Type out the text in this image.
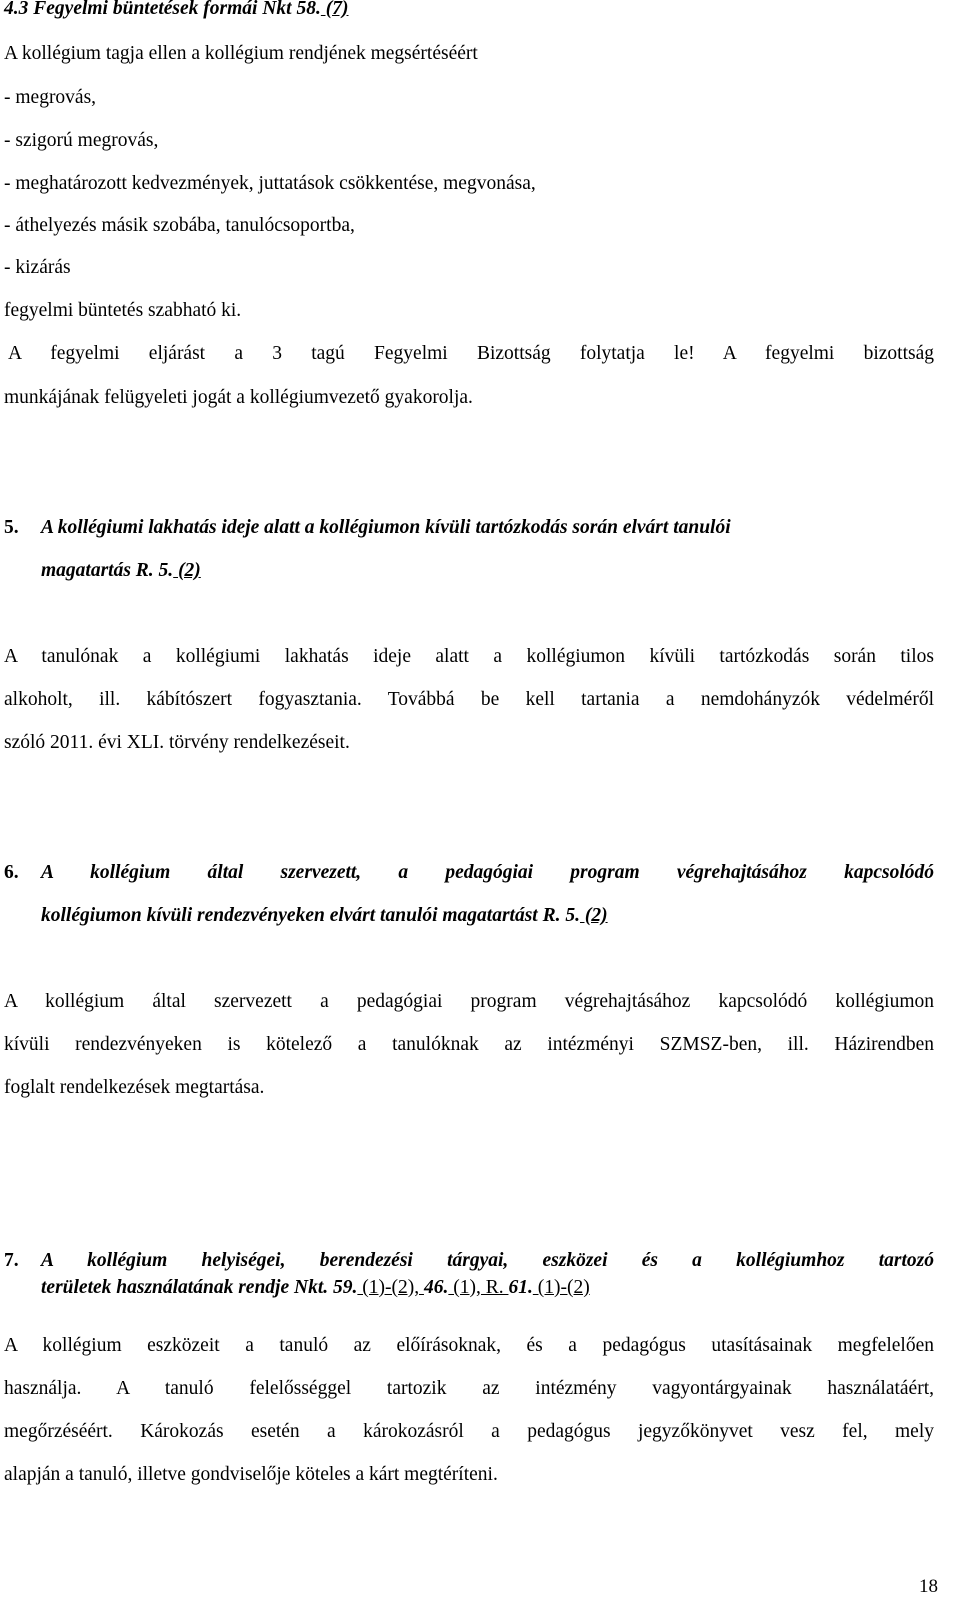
4.3 Fegyelmi büntetések formái Nkt 58. (7)
A kollégium tagja ellen a kollégium rendjének megsértéséért
- megrovás,
- szigorú megrovás,
- meghatározott kedvezmények, juttatások csökkentése, megvonása,
- áthelyezés másik szobába, tanulócsoportba,
- kizárás
fegyelmi büntetés szabható ki.
A fegyelmi eljárást a 3 tagú Fegyelmi Bizottság folytatja le! A fegyelmi bizottság
munkájának felügyeleti jogát a kollégiumvezető gyakorolja.
5. A kollégiumi lakhatás ideje alatt a kollégiumon kívüli tartózkodás során elvárt tanulói
magatartás R. 5. (2)
A tanulónak a kollégiumi lakhatás ideje alatt a kollégiumon kívüli tartózkodás során tilos
alkoholt, ill. kábítószert fogyasztania. Továbbá be kell tartania a nemdohányzók védelméről
szóló 2011. évi XLI. törvény rendelkezéseit.
6. A kollégium által szervezett, a pedagógiai program végrehajtásához kapcsolódó
kollégiumon kívüli rendezvényeken elvárt tanulói magatartást R. 5. (2)
A kollégium által szervezett a pedagógiai program végrehajtásához kapcsolódó kollégiumon
kívüli rendezvényeken is kötelező a tanulóknak az intézményi SZMSZ-ben, ill. Házirendben
foglalt rendelkezések megtartása.
7. A kollégium helyiségei, berendezési tárgyai, eszközei és a kollégiumhoz tartozó
területek használatának rendje Nkt. 59. (1)-(2), 46. (1), R. 61. (1)-(2)
A kollégium eszközeit a tanuló az előírásoknak, és a pedagógus utasításainak megfelelően
használja. A tanuló felelősséggel tartozik az intézmény vagyontárgyainak használatáért,
megőrzéséért. Károkozás esetén a károkozásról a pedagógus jegyzőkönyvet vesz fel, mely
alapján a tanuló, illetve gondviselője köteles a kárt megtéríteni.
18
